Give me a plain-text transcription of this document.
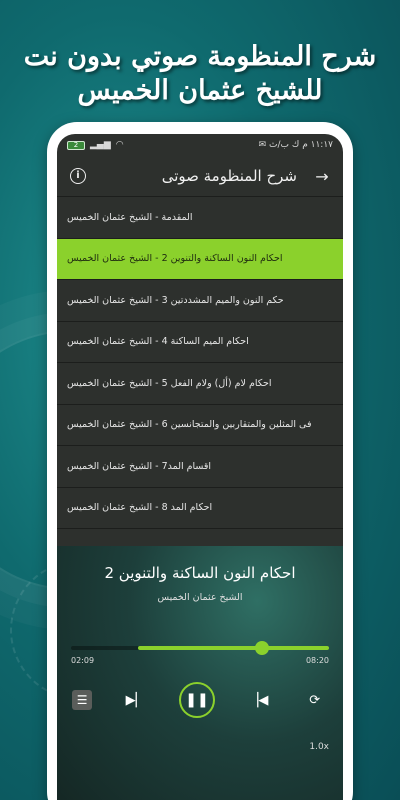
شرح المنظومة صوتي بدون نت
للشيخ عثمان الخميس
2	▂▄▆ ◠	١١:١٧ م ك ب/ث ✉
i	شرح المنظومة صوتى	→
المقدمة - الشيخ عثمان الخميس
احكام النون الساكنة والتنوين 2 - الشيخ عثمان الخميس
حكم النون والميم المشددتين 3 - الشيخ عثمان الخميس
احكام الميم الساكنة 4 - الشيخ عثمان الخميس
احكام لام (أل) ولام الفعل 5 - الشيخ عثمان الخميس
فى المثلين والمتقاربين والمتجانسين 6 - الشيخ عثمان الخميس
اقسام المد7 - الشيخ عثمان الخميس
احكام المد 8 - الشيخ عثمان الخميس
احكام النون الساكنة والتنوين 2
الشيخ عثمان الخميس
02:09	08:20
☰	▶▏	❚❚	▕◀	⟳
1.0x
